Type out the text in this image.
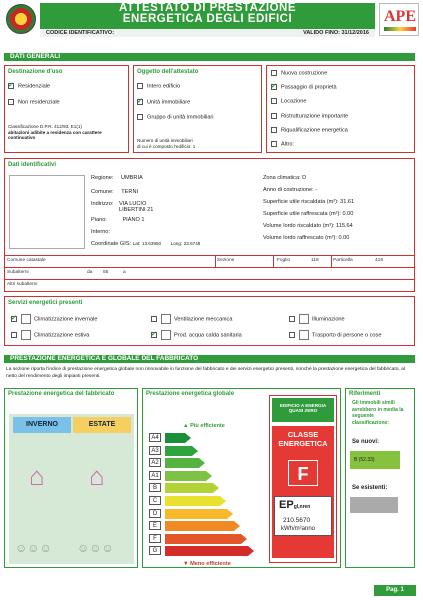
ATTESTATO DI PRESTAZIONE
ENERGETICA DEGLI EDIFICI
CODICE IDENTIFICATIVO:	VALIDO FINO: 31/12/2016
APE
DATI GENERALI
Destinazione d'uso
✓Residenziale
Non residenziale
Classificazione D.P.R. 412/93: E1(1)
abitazioni adibite a residenza con carattere continuativo
Oggetto dell'attestato
Intero edificio
✓Unità immobiliare
Gruppo di unità immobiliari
Numero di unità immobiliari
di cui è composto l'edificio: 1
Nuova costruzione
✓Passaggio di proprietà
Locazione
Ristrutturazione importante
Riqualificazione energetica
Altro:
Dati identificativi
Regione: UMBRIA
Comune: TERNI
Indirizzo: VIA LUCIO LIBERTINI 21
Piano:	PIANO 1
Interno:
Coordinate GIS: Lat: 13.63950 Long: 23.6748
Zona climatica: D
Anno di costruzione: -
Superficie utile riscaldata (m²): 31.61
Superficie utile raffrescata (m²): 0.00
Volume lordo riscaldato (m³): 115.64
Volume lordo raffrescato (m³): 0.00
Comune catastale	Sezione	Foglio	118	Particella	416
Subalterni	da 55	a
Altri subalterni
Servizi energetici presenti
✓Climatizzazione invernale	Ventilazione meccanica	Illuminazione
Climatizzazione estiva
✓	Prod. acqua calda sanitaria	Trasporto di persone o cose
PRESTAZIONE ENERGETICA E GLOBALE DEL FABBRICATO
La sezione riporta l'indice di prestazione energetica globale non rinnovabile in funzione del fabbricato e dei servizi energetici presenti, nonché la prestazione energetica del fabbricato, al netto del rendimento degli impianti presenti.
Prestazione energetica del fabbricato
INVERNO	ESTATE
⌂ ⌂
☺☺☺ ☺☺☺
Prestazione energetica globale
▲ Più efficiente
A4
A3
A2
A1
B
C
D
E
F
G
▼ Meno efficiente
EDIFICIO A ENERGIA QUASI ZERO
CLASSE ENERGETICA
F
EPgl,nren
210.5670
kWh/m²anno
Riferimenti
Gli immobili simili avrebbero in media la seguente classificazione:
Se nuovi:
B (52.33)
Se esistenti:
Pag. 1
